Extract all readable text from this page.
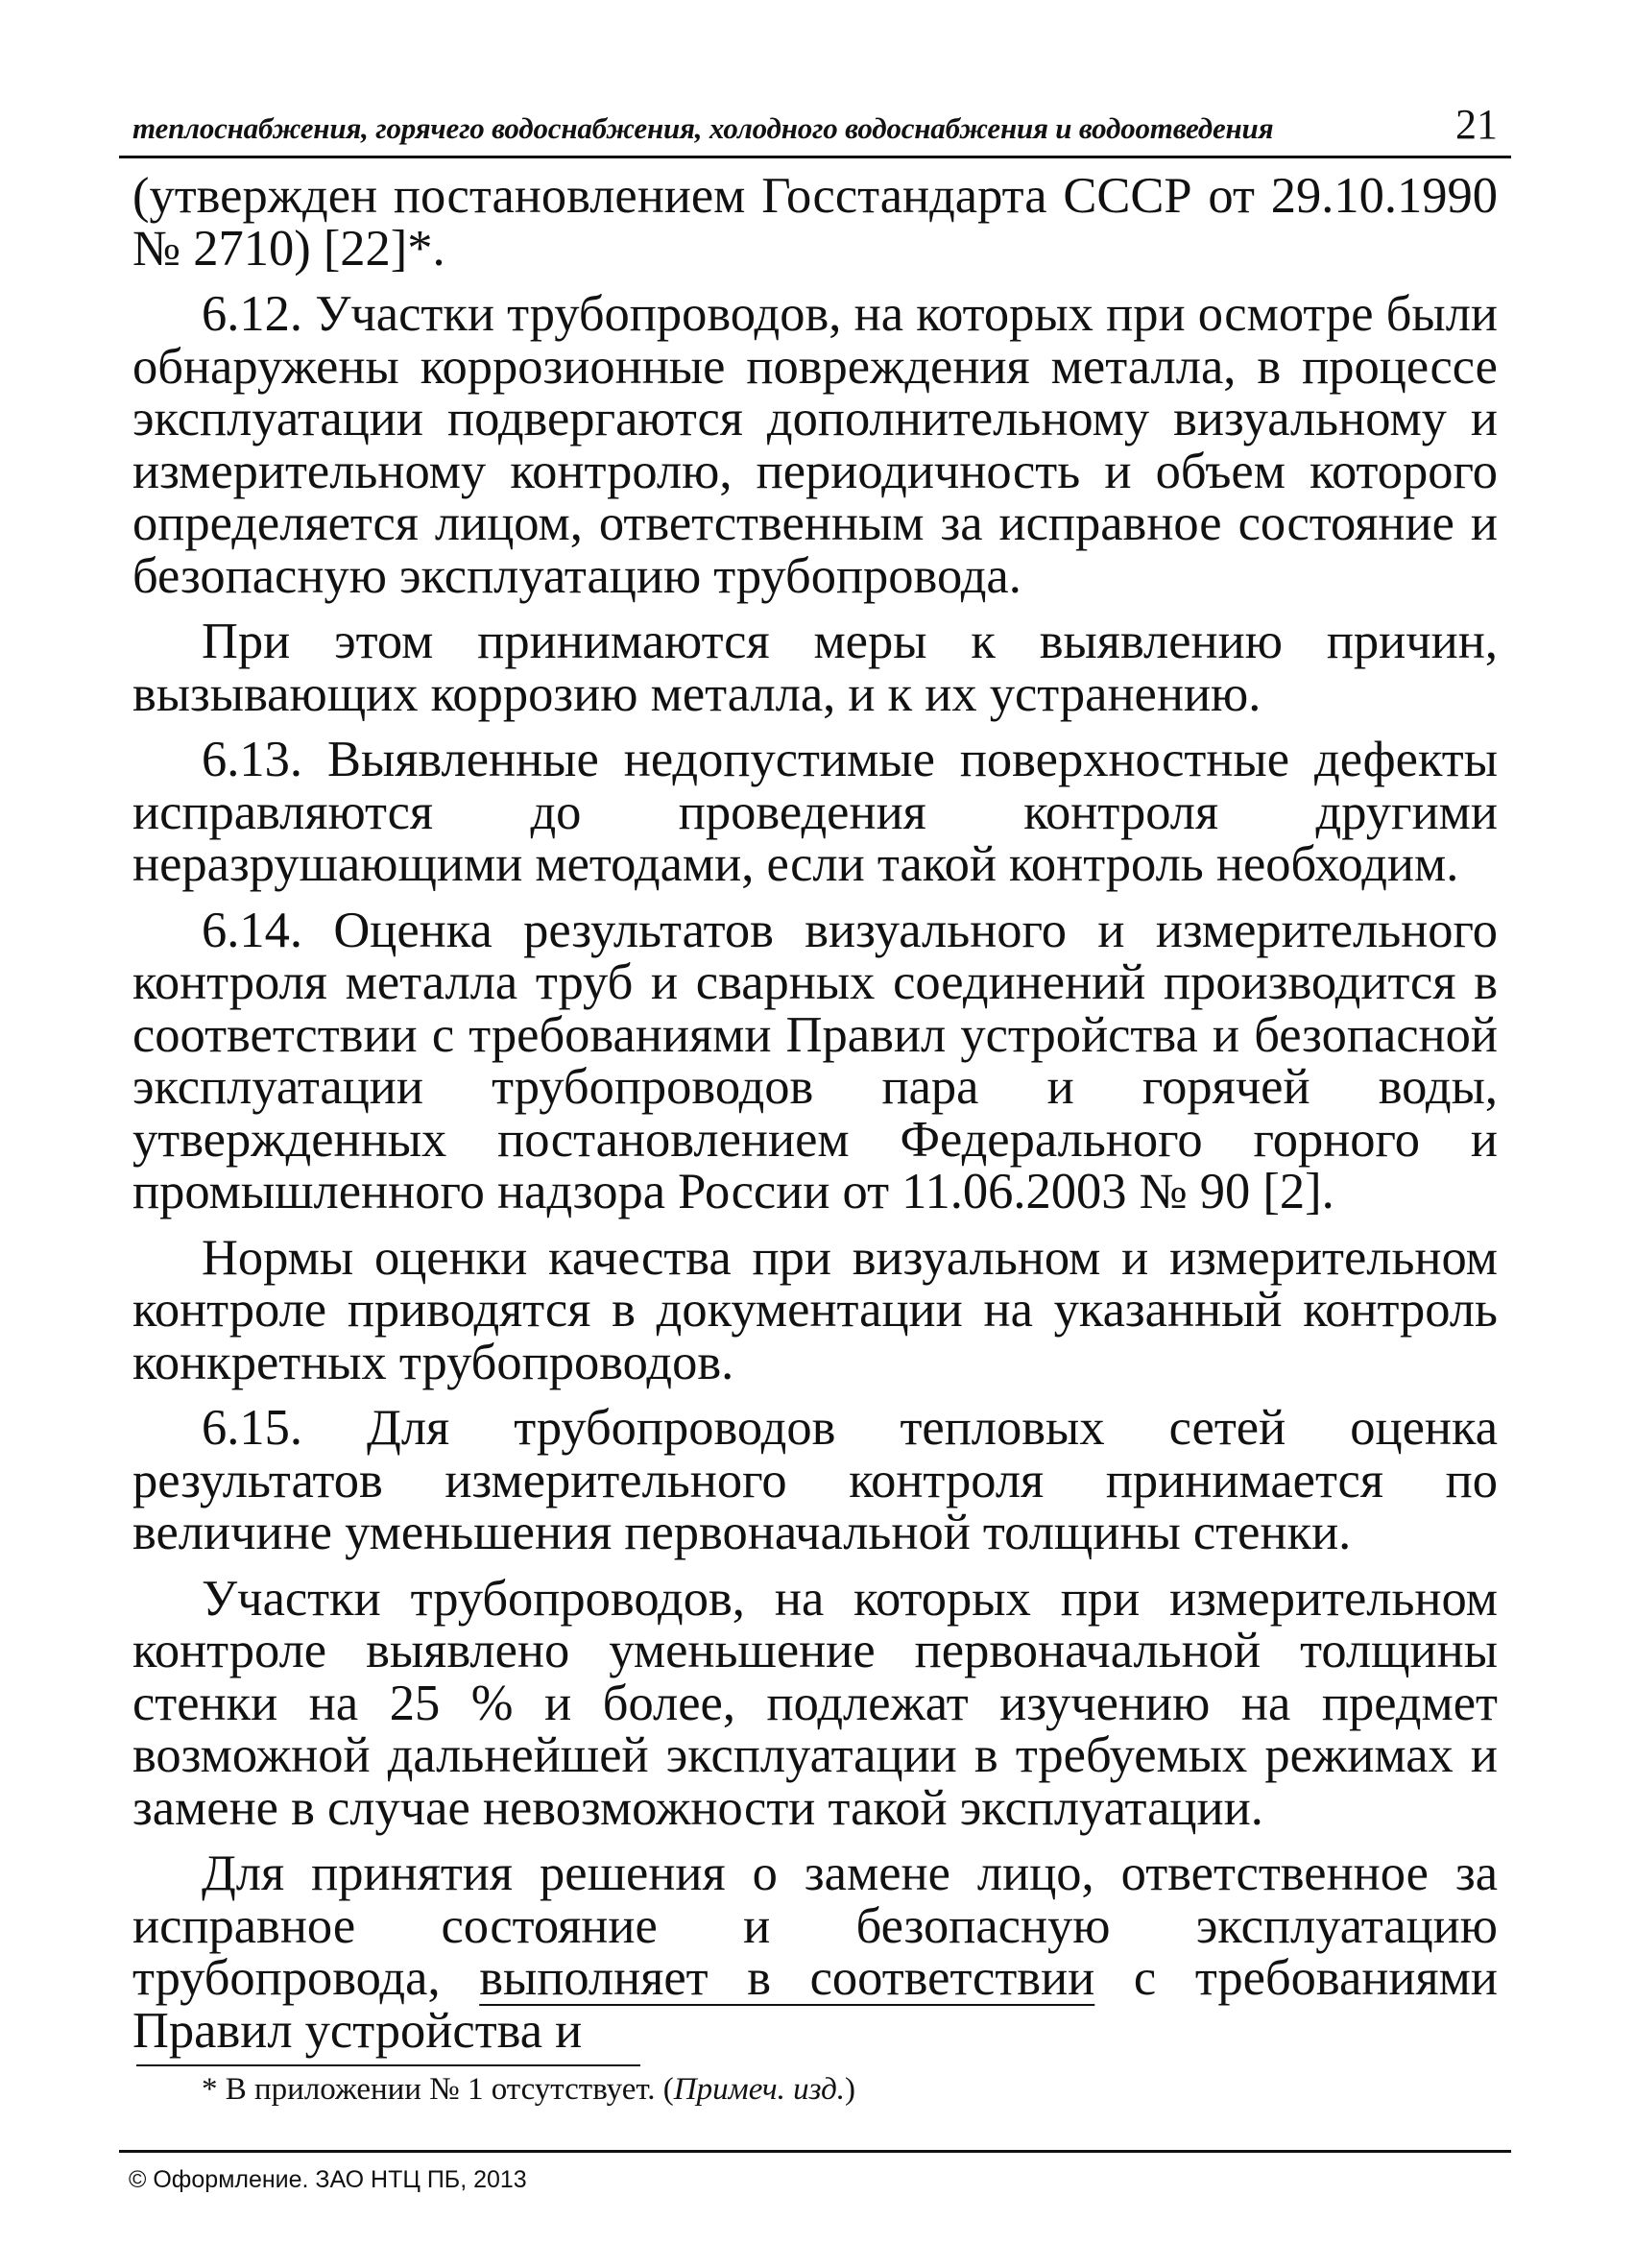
теплоснабжения, горячего водоснабжения, холодного водоснабжения и водоотведения	21

(утвержден постановлением Госстандарта СССР от 29.10.1990 № 2710) [22]*.

6.12. Участки трубопроводов, на которых при осмотре были обнаружены коррозионные повреждения металла, в процессе эксплуатации подвергаются дополнительному визуальному и измерительному контролю, периодичность и объем которого определяется лицом, ответственным за исправное состояние и безопасную эксплуатацию трубопровода.

При этом принимаются меры к выявлению причин, вызывающих коррозию металла, и к их устранению.

6.13. Выявленные недопустимые поверхностные дефекты исправляются до проведения контроля другими неразрушающими методами, если такой контроль необходим.

6.14. Оценка результатов визуального и измерительного контроля металла труб и сварных соединений производится в соответствии с требованиями Правил устройства и безопасной эксплуатации трубопроводов пара и горячей воды, утвержденных постановлением Федерального горного и промышленного надзора России от 11.06.2003 № 90 [2].

Нормы оценки качества при визуальном и измерительном контроле приводятся в документации на указанный контроль конкретных трубопроводов.

6.15. Для трубопроводов тепловых сетей оценка результатов измерительного контроля принимается по величине уменьшения первоначальной толщины стенки.

Участки трубопроводов, на которых при измерительном контроле выявлено уменьшение первоначальной толщины стенки на 25 % и более, подлежат изучению на предмет возможной дальнейшей эксплуатации в требуемых режимах и замене в случае невозможности такой эксплуатации.

Для принятия решения о замене лицо, ответственное за исправное состояние и безопасную эксплуатацию трубопровода, выполняет в соответствии с требованиями Правил устройства и

* В приложении № 1 отсутствует. (Примеч. изд.)
© Оформление. ЗАО НТЦ ПБ, 2013
